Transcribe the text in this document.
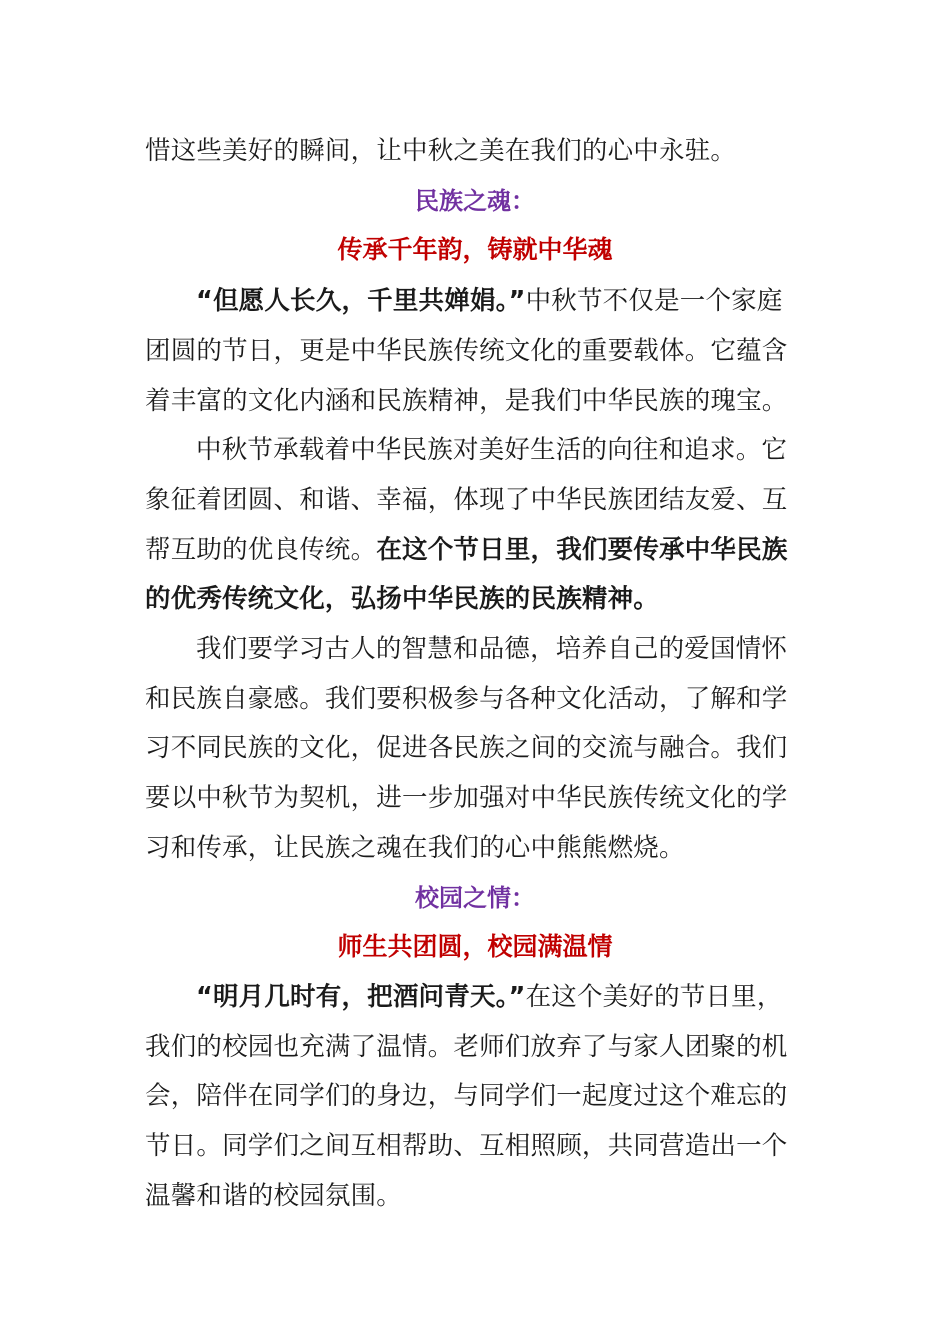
惜这些美好的瞬间，让中秋之美在我们的心中永驻。
民族之魂：
传承千年韵，铸就中华魂
“但愿人长久，千里共婵娟。”中秋节不仅是一个家庭
团圆的节日，更是中华民族传统文化的重要载体。它蕴含
着丰富的文化内涵和民族精神，是我们中华民族的瑰宝。
中秋节承载着中华民族对美好生活的向往和追求。它
象征着团圆、和谐、幸福，体现了中华民族团结友爱、互
帮互助的优良传统。在这个节日里，我们要传承中华民族
的优秀传统文化，弘扬中华民族的民族精神。
我们要学习古人的智慧和品德，培养自己的爱国情怀
和民族自豪感。我们要积极参与各种文化活动，了解和学
习不同民族的文化，促进各民族之间的交流与融合。我们
要以中秋节为契机，进一步加强对中华民族传统文化的学
习和传承，让民族之魂在我们的心中熊熊燃烧。
校园之情：
师生共团圆，校园满温情
“明月几时有，把酒问青天。”在这个美好的节日里，
我们的校园也充满了温情。老师们放弃了与家人团聚的机
会，陪伴在同学们的身边，与同学们一起度过这个难忘的
节日。同学们之间互相帮助、互相照顾，共同营造出一个
温馨和谐的校园氛围。
